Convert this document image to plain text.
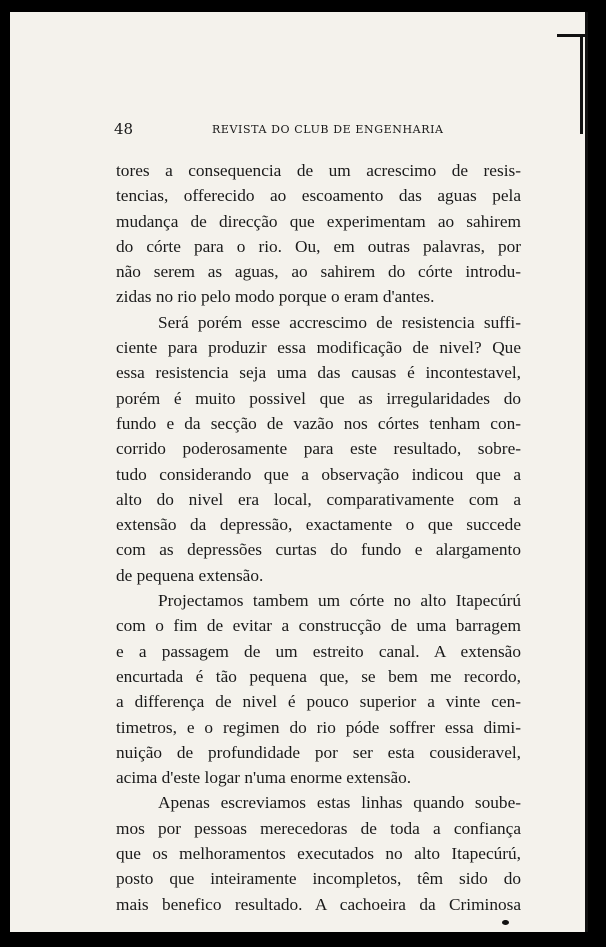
48	REVISTA DO CLUB DE ENGENHARIA
tores a consequencia de um acrescimo de resis-
tencias, offerecido ao escoamento das aguas pela
mudança de direcção que experimentam ao sahirem
do córte para o rio. Ou, em outras palavras, por
não serem as aguas, ao sahirem do córte introdu-
zidas no rio pelo modo porque o eram d'antes.
Será porém esse accrescimo de resistencia suffi-
ciente para produzir essa modificação de nivel? Que
essa resistencia seja uma das causas é incontestavel,
porém é muito possivel que as irregularidades do
fundo e da secção de vazão nos córtes tenham con-
corrido poderosamente para este resultado, sobre-
tudo considerando que a observação indicou que a
alto do nivel era local, comparativamente com a
extensão da depressão, exactamente o que succede
com as depressões curtas do fundo e alargamento
de pequena extensão.
Projectamos tambem um córte no alto Itapecúrú
com o fim de evitar a construcção de uma barragem
e a passagem de um estreito canal. A extensão
encurtada é tão pequena que, se bem me recordo,
a differença de nivel é pouco superior a vinte cen-
timetros, e o regimen do rio póde soffrer essa dimi-
nuição de profundidade por ser esta cousideravel,
acima d'este logar n'uma enorme extensão.
Apenas escreviamos estas linhas quando soube-
mos por pessoas merecedoras de toda a confiança
que os melhoramentos executados no alto Itapecúrú,
posto que inteiramente incompletos, têm sido do
mais benefico resultado. A cachoeira da Criminosa
